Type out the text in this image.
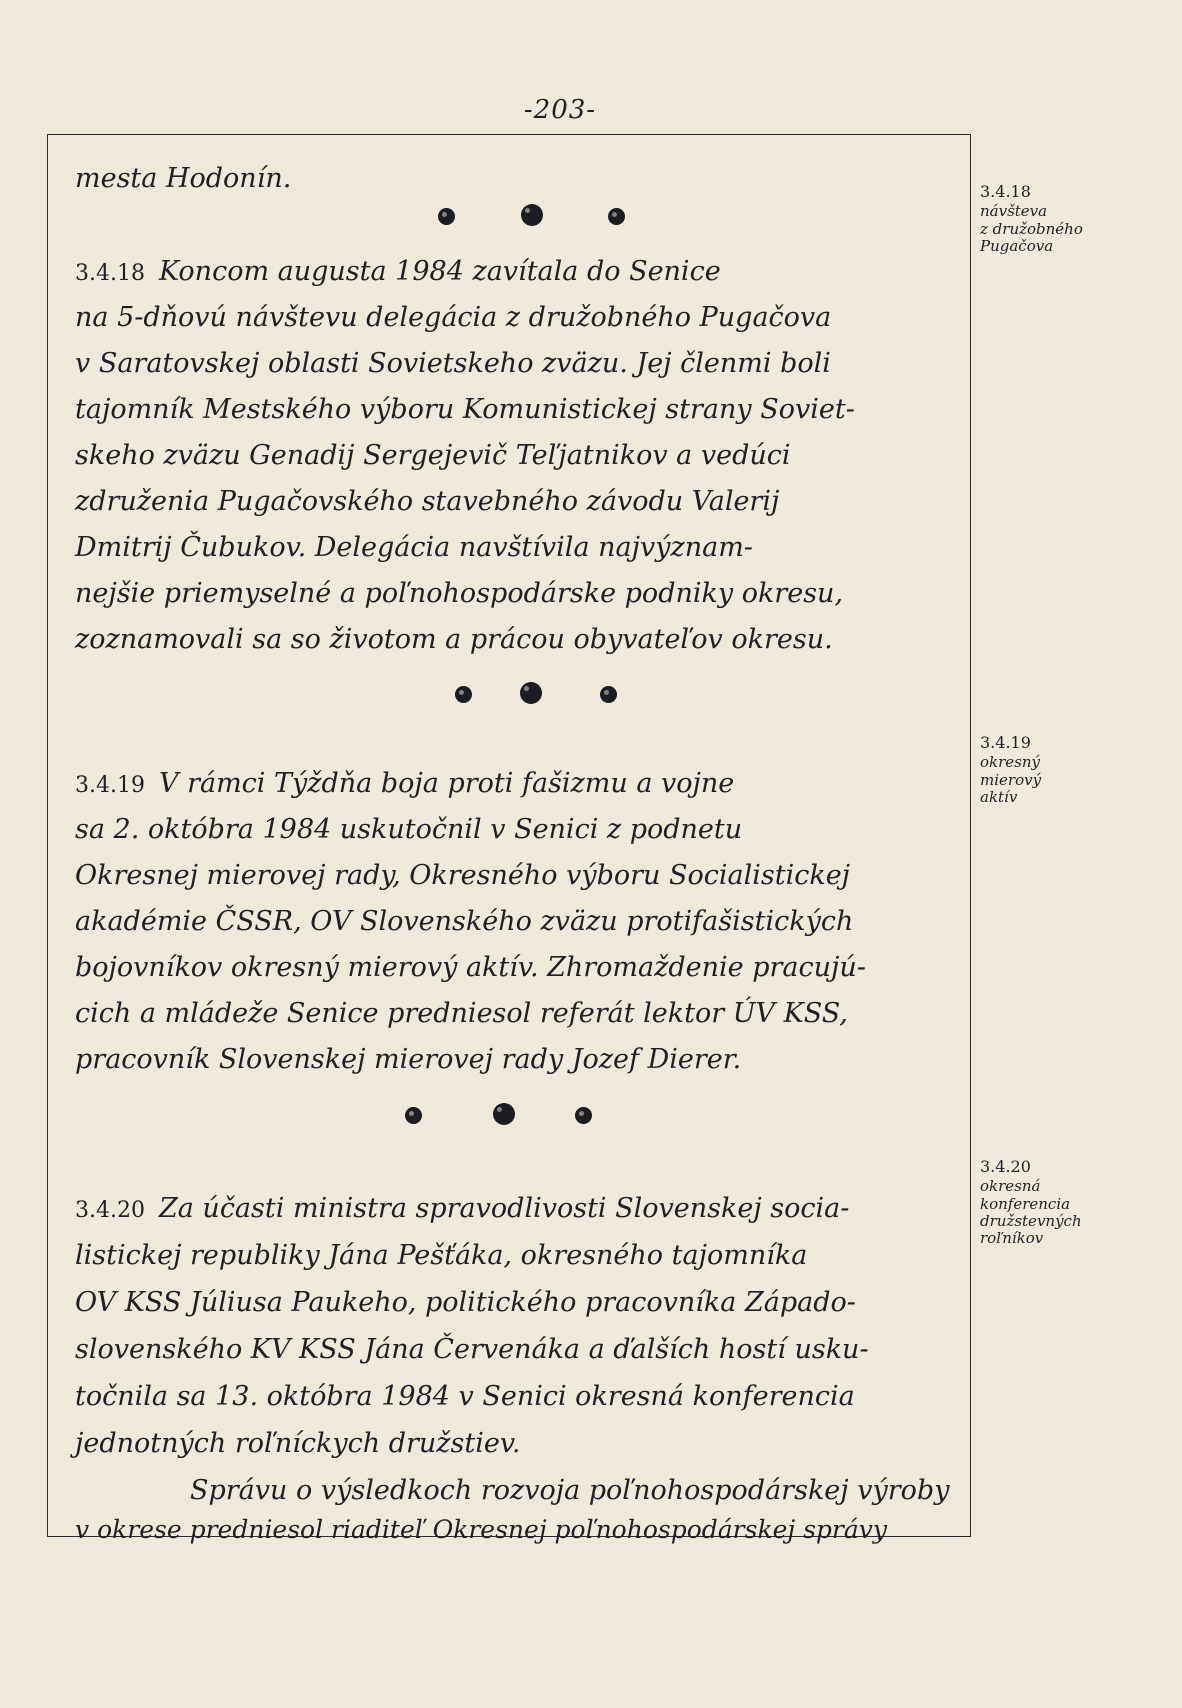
-203-
mesta Hodonín.
3.4.18 Koncom augusta 1984 zavítala do Senice
na 5-dňovú návštevu delegácia z družobného Pugačova
v Saratovskej oblasti Sovietskeho zväzu. Jej členmi boli
tajomník Mestského výboru Komunistickej strany Soviet-
skeho zväzu Genadij Sergejevič Teľjatnikov a vedúci
združenia Pugačovského stavebného závodu Valerij
Dmitrij Čubukov. Delegácia navštívila najvýznam-
nejšie priemyselné a poľnohospodárske podniky okresu,
zoznamovali sa so životom a prácou obyvateľov okresu.
3.4.19 V rámci Týždňa boja proti fašizmu a vojne
sa 2. októbra 1984 uskutočnil v Senici z podnetu
Okresnej mierovej rady, Okresného výboru Socialistickej
akadémie ČSSR, OV Slovenského zväzu protifašistických
bojovníkov okresný mierový aktív. Zhromaždenie pracujú-
cich a mládeže Senice predniesol referát lektor ÚV KSS,
pracovník Slovenskej mierovej rady Jozef Dierer.
3.4.20 Za účasti ministra spravodlivosti Slovenskej socia-
listickej republiky Jána Pešťáka, okresného tajomníka
OV KSS Júliusa Paukeho, politického pracovníka Západo-
slovenského KV KSS Jána Červenáka a ďalších hostí usku-
točnila sa 13. októbra 1984 v Senici okresná konferencia
jednotných roľníckych družstiev.
Správu o výsledkoch rozvoja poľnohospodárskej výroby
v okrese predniesol riaditeľ Okresnej poľnohospodárskej správy
3.4.18
návšteva
z družobného
Pugačova
3.4.19
okresný
mierový
aktív
3.4.20
okresná
konferencia
družstevných
roľníkov
